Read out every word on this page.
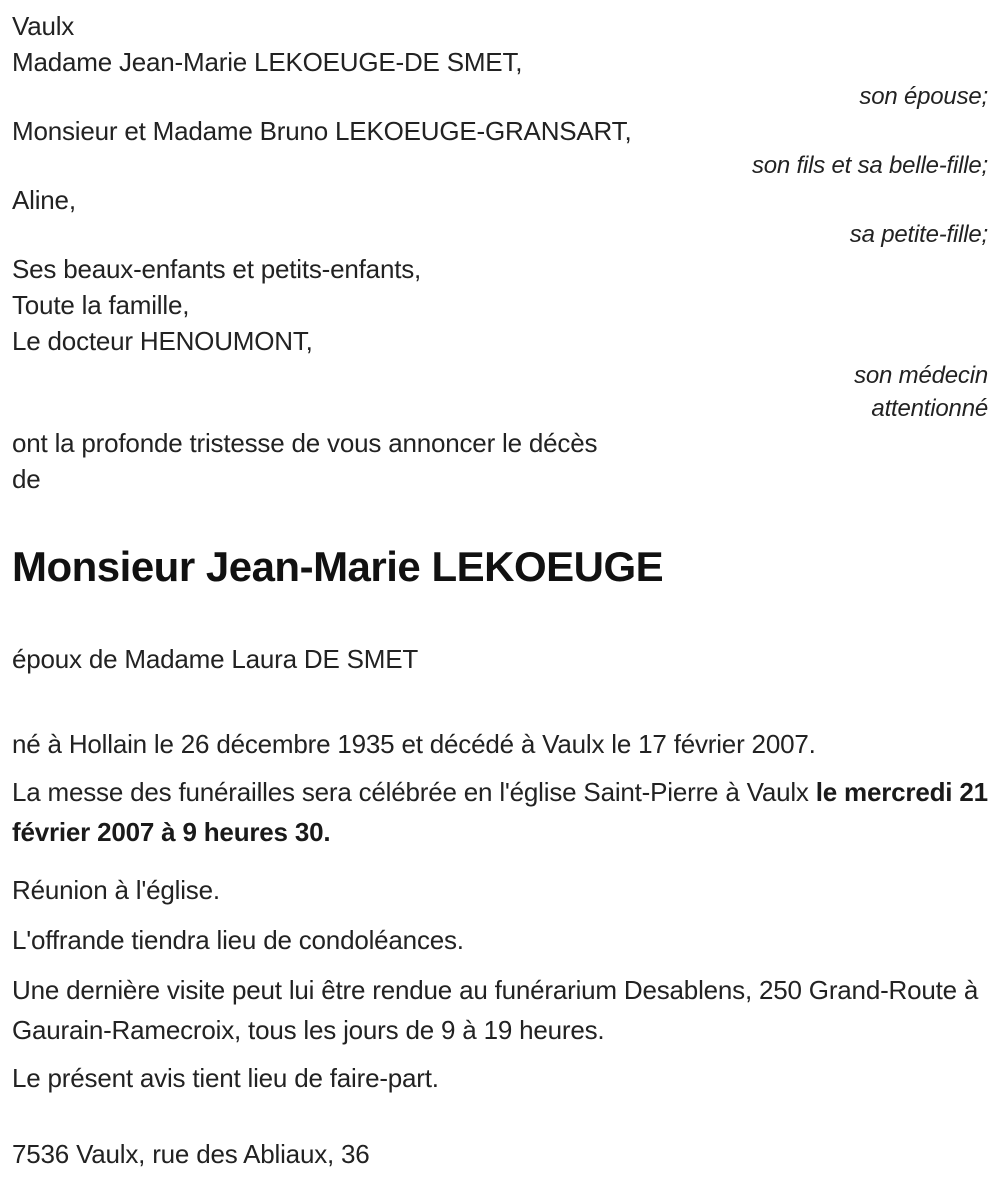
Vaulx

Madame Jean-Marie LEKOEUGE-DE SMET,

son épouse;

Monsieur et Madame Bruno LEKOEUGE-GRANSART,

son fils et sa belle-fille;

Aline,

sa petite-fille;

Ses beaux-enfants et petits-enfants,

Toute la famille,

Le docteur HENOUMONT,

son médecin attentionné

ont la profonde tristesse de vous annoncer le décès

de

Monsieur Jean-Marie LEKOEUGE

époux de Madame Laura DE SMET

né à Hollain le 26 décembre 1935 et décédé à Vaulx le 17 février 2007.

La messe des funérailles sera célébrée en l'église Saint-Pierre à Vaulx le mercredi 21 février 2007 à 9 heures 30.

Réunion à l'église.

L'offrande tiendra lieu de condoléances.

Une dernière visite peut lui être rendue au funérarium Desablens, 250 Grand-Route à Gaurain-Ramecroix, tous les jours de 9 à 19 heures.

Le présent avis tient lieu de faire-part.

7536 Vaulx, rue des Abliaux, 36
